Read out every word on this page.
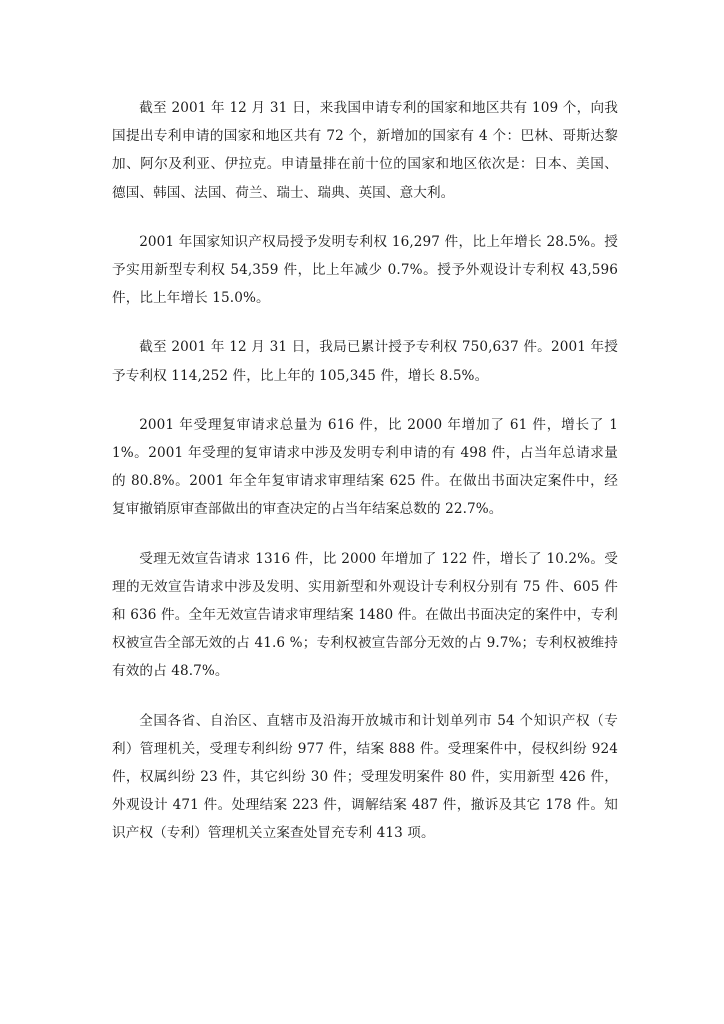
截至 2001 年 12 月 31 日，来我国申请专利的国家和地区共有 109 个，向我国提出专利申请的国家和地区共有 72 个，新增加的国家有 4 个：巴林、哥斯达黎加、阿尔及利亚、伊拉克。申请量排在前十位的国家和地区依次是：日本、美国、德国、韩国、法国、荷兰、瑞士、瑞典、英国、意大利。

2001 年国家知识产权局授予发明专利权 16,297 件，比上年增长 28.5%。授予实用新型专利权 54,359 件，比上年减少 0.7%。授予外观设计专利权 43,596 件，比上年增长 15.0%。

截至 2001 年 12 月 31 日，我局已累计授予专利权 750,637 件。2001 年授予专利权 114,252 件，比上年的 105,345 件，增长 8.5%。

2001 年受理复审请求总量为 616 件，比 2000 年增加了 61 件，增长了 11%。2001 年受理的复审请求中涉及发明专利申请的有 498 件，占当年总请求量的 80.8%。2001 年全年复审请求审理结案 625 件。在做出书面决定案件中，经复审撤销原审查部做出的审查决定的占当年结案总数的 22.7%。

受理无效宣告请求 1316 件，比 2000 年增加了 122 件，增长了 10.2%。受理的无效宣告请求中涉及发明、实用新型和外观设计专利权分别有 75 件、605 件和 636 件。全年无效宣告请求审理结案 1480 件。在做出书面决定的案件中，专利权被宣告全部无效的占 41.6 %；专利权被宣告部分无效的占 9.7%；专利权被维持有效的占 48.7%。

全国各省、自治区、直辖市及沿海开放城市和计划单列市 54 个知识产权（专利）管理机关，受理专利纠纷 977 件，结案 888 件。受理案件中，侵权纠纷 924 件，权属纠纷 23 件，其它纠纷 30 件；受理发明案件 80 件，实用新型 426 件，外观设计 471 件。处理结案 223 件，调解结案 487 件，撤诉及其它 178 件。知识产权（专利）管理机关立案查处冒充专利 413 项。
